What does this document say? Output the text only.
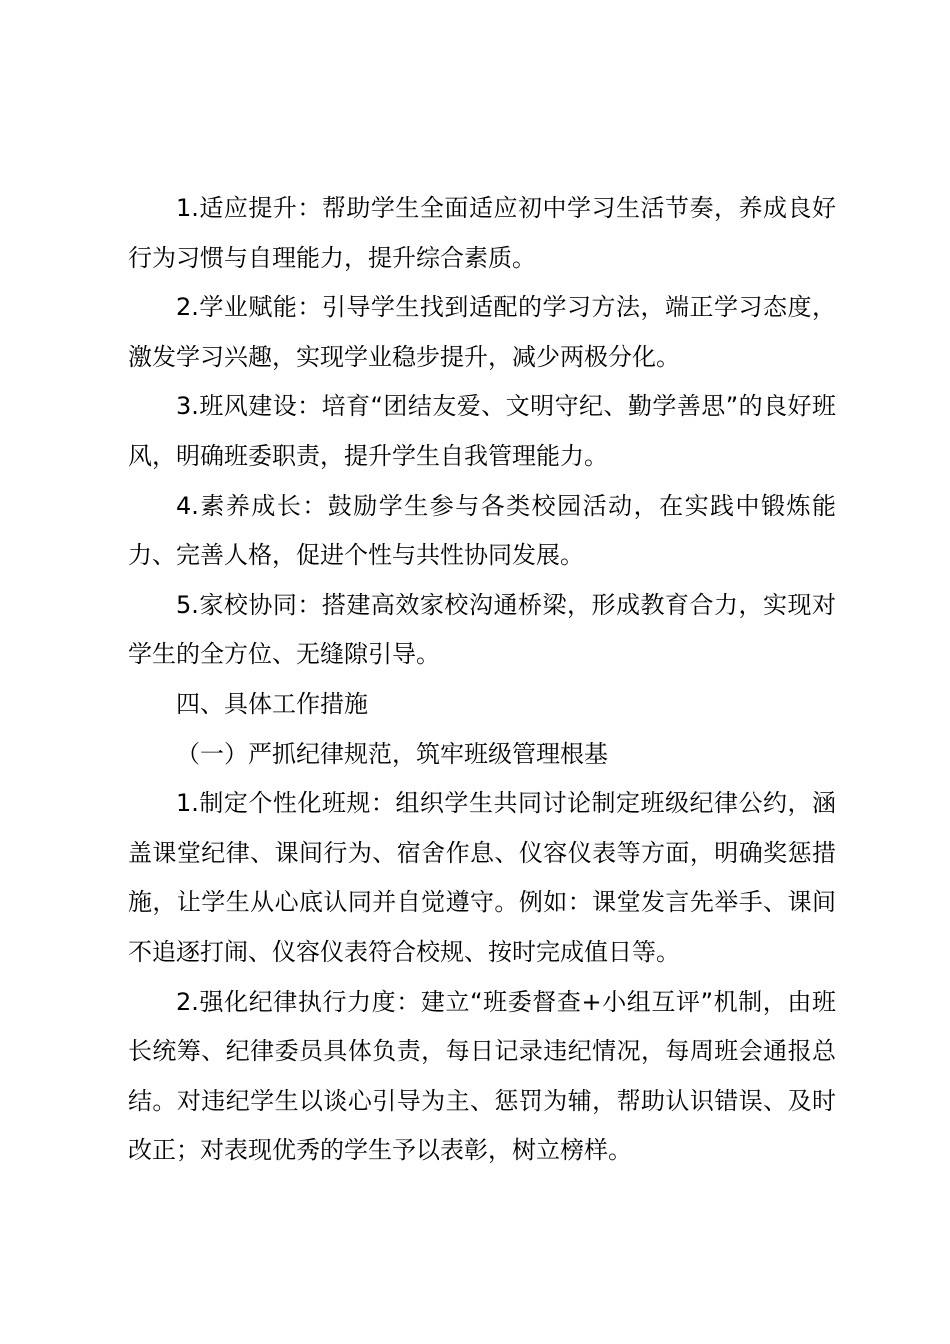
1.适应提升：帮助学生全面适应初中学习生活节奏，养成良好行为习惯与自理能力，提升综合素质。

2.学业赋能：引导学生找到适配的学习方法，端正学习态度，激发学习兴趣，实现学业稳步提升，减少两极分化。

3.班风建设：培育“团结友爱、文明守纪、勤学善思”的良好班风，明确班委职责，提升学生自我管理能力。

4.素养成长：鼓励学生参与各类校园活动，在实践中锻炼能力、完善人格，促进个性与共性协同发展。

5.家校协同：搭建高效家校沟通桥梁，形成教育合力，实现对学生的全方位、无缝隙引导。

四、具体工作措施

（一）严抓纪律规范，筑牢班级管理根基

1.制定个性化班规：组织学生共同讨论制定班级纪律公约，涵盖课堂纪律、课间行为、宿舍作息、仪容仪表等方面，明确奖惩措施，让学生从心底认同并自觉遵守。例如：课堂发言先举手、课间不追逐打闹、仪容仪表符合校规、按时完成值日等。

2.强化纪律执行力度：建立“班委督查+小组互评”机制，由班长统筹、纪律委员具体负责，每日记录违纪情况，每周班会通报总结。对违纪学生以谈心引导为主、惩罚为辅，帮助认识错误、及时改正；对表现优秀的学生予以表彰，树立榜样。
